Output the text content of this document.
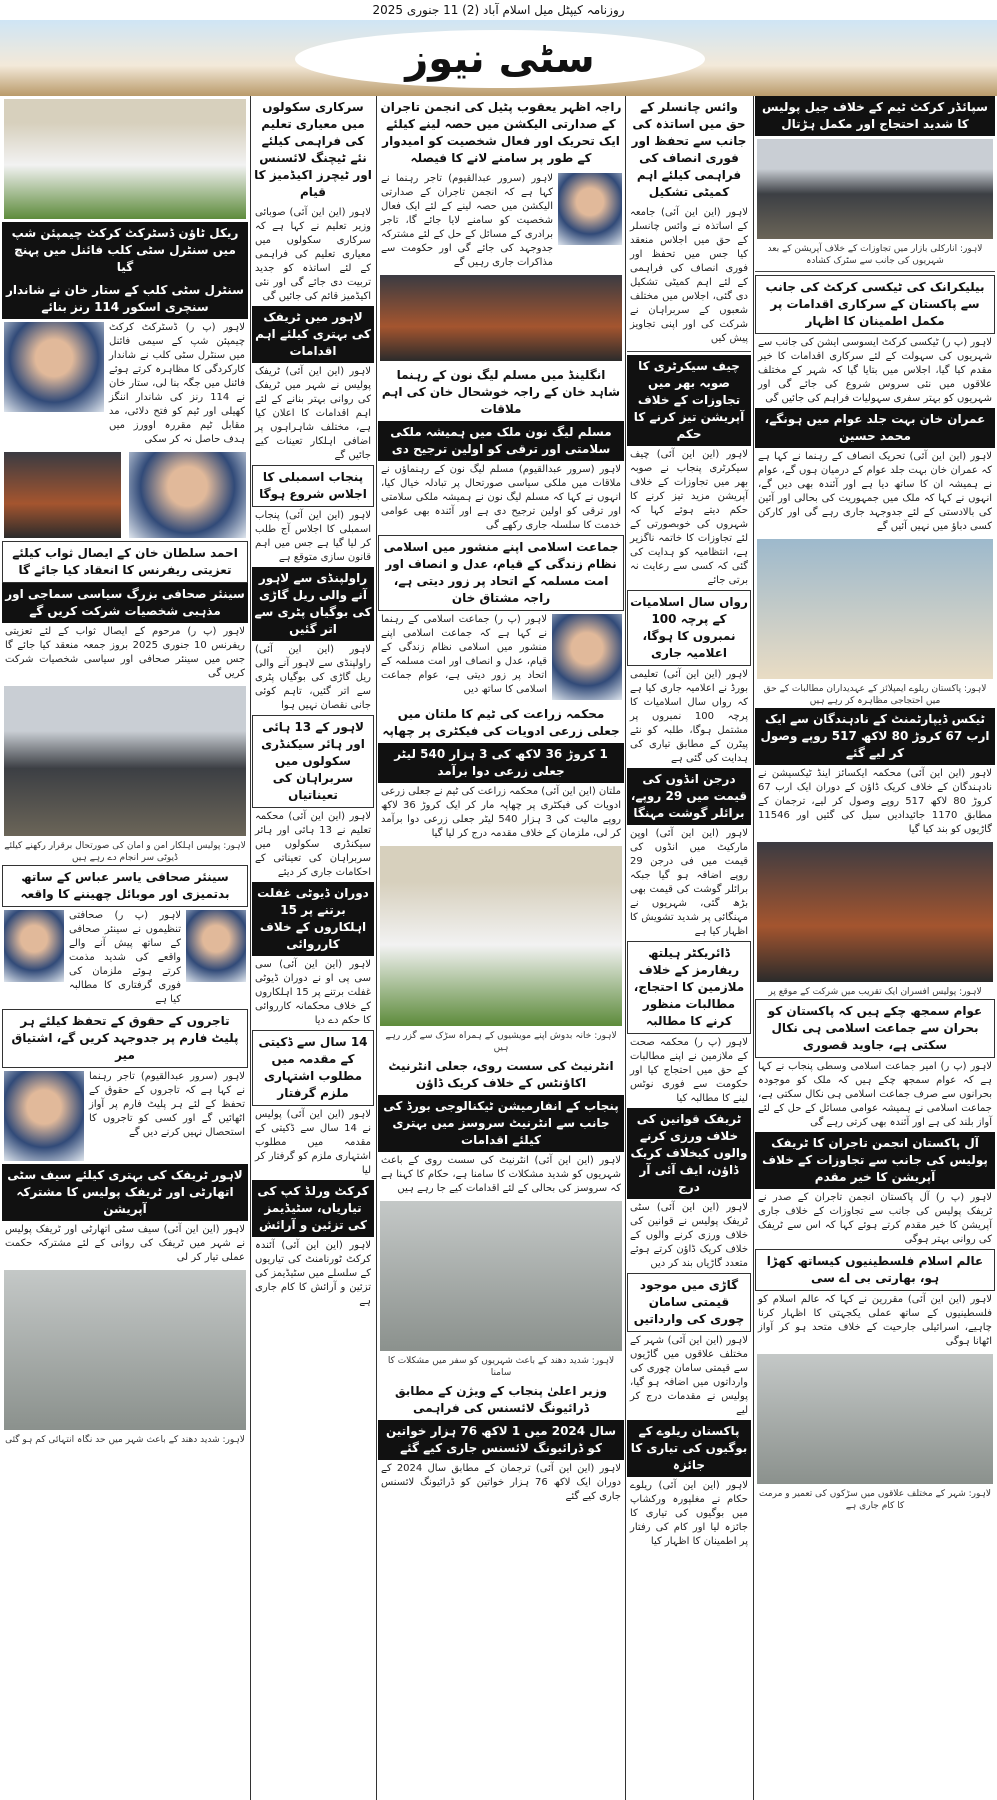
روزنامہ کیپٹل میل اسلام آباد (2) 11 جنوری 2025
سٹی نیوز
سپائڈر کرکٹ ٹیم کے خلاف جیل پولیس کا شدید احتجاج اور مکمل ہڑتال
لاہور: انارکلی بازار میں تجاوزات کے خلاف آپریشن کے بعد شہریوں کی جانب سے سٹرک کشادہ
بیلیکرانک کی ٹیکسی کرکٹ کی جانب سے پاکستان کے سرکاری اقدامات پر مکمل اطمینان کا اظہار
لاہور (پ ر) ٹیکسی کرکٹ ایسوسی ایشن کی جانب سے شہریوں کی سہولت کے لئے سرکاری اقدامات کا خیر مقدم کیا گیا، اجلاس میں بتایا گیا کہ شہر کے مختلف علاقوں میں نئی سروس شروع کی جائے گی اور شہریوں کو بہتر سفری سہولیات فراہم کی جائیں گی
عمران خان بہت جلد عوام میں ہونگے، محمد حسین
لاہور (این این آئی) تحریک انصاف کے رہنما نے کہا ہے کہ عمران خان بہت جلد عوام کے درمیان ہوں گے، عوام نے ہمیشہ ان کا ساتھ دیا ہے اور آئندہ بھی دیں گے، انہوں نے کہا کہ ملک میں جمہوریت کی بحالی اور آئین کی بالادستی کے لئے جدوجہد جاری رہے گی اور کارکن کسی دباؤ میں نہیں آئیں گے
لاہور: پاکستان ریلوے ایمپلائز کے عہدیداران مطالبات کے حق میں احتجاجی مظاہرہ کر رہے ہیں
ٹیکس ڈیپارٹمنٹ کے نادہندگان سے ایک ارب 67 کروڑ 80 لاکھ 517 روپے وصول کر لیے گئے
لاہور (این این آئی) محکمہ ایکسائز اینڈ ٹیکسیشن نے نادہندگان کے خلاف کریک ڈاؤن کے دوران ایک ارب 67 کروڑ 80 لاکھ 517 روپے وصول کر لیے، ترجمان کے مطابق 1170 جائیدادیں سیل کی گئیں اور 11546 گاڑیوں کو بند کیا گیا
لاہور: پولیس افسران ایک تقریب میں شرکت کے موقع پر
عوام سمجھ چکے ہیں کہ پاکستان کو بحران سے جماعت اسلامی ہی نکال سکتی ہے، جاوید قصوری
لاہور (پ ر) امیر جماعت اسلامی وسطی پنجاب نے کہا ہے کہ عوام سمجھ چکے ہیں کہ ملک کو موجودہ بحرانوں سے صرف جماعت اسلامی ہی نکال سکتی ہے، جماعت اسلامی نے ہمیشہ عوامی مسائل کے حل کے لئے آواز بلند کی ہے اور آئندہ بھی کرتی رہے گی
آل پاکستان انجمن تاجران کا ٹریفک پولیس کی جانب سے تجاوزات کے خلاف آپریشن کا خیر مقدم
لاہور (پ ر) آل پاکستان انجمن تاجران کے صدر نے ٹریفک پولیس کی جانب سے تجاوزات کے خلاف جاری آپریشن کا خیر مقدم کرتے ہوئے کہا کہ اس سے ٹریفک کی روانی بہتر ہوگی
عالم اسلام فلسطینیوں کیساتھ کھڑا ہو، بھارتی بی اے سی
لاہور (این این آئی) مقررین نے کہا کہ عالم اسلام کو فلسطینیوں کے ساتھ عملی یکجہتی کا اظہار کرنا چاہیے، اسرائیلی جارحیت کے خلاف متحد ہو کر آواز اٹھانا ہوگی
لاہور: شہر کے مختلف علاقوں میں سڑکوں کی تعمیر و مرمت کا کام جاری ہے
وائس چانسلر کے حق میں اساتذہ کی جانب سے تحفظ اور فوری انصاف کی فراہمی کیلئے اہم کمیٹی تشکیل
لاہور (این این آئی) جامعہ کے اساتذہ نے وائس چانسلر کے حق میں اجلاس منعقد کیا جس میں تحفظ اور فوری انصاف کی فراہمی کے لئے اہم کمیٹی تشکیل دی گئی، اجلاس میں مختلف شعبوں کے سربراہان نے شرکت کی اور اپنی تجاویز پیش کیں
چیف سیکرٹری کا صوبہ بھر میں تجاوزات کے خلاف آپریشن تیز کرنے کا حکم
لاہور (این این آئی) چیف سیکرٹری پنجاب نے صوبہ بھر میں تجاوزات کے خلاف آپریشن مزید تیز کرنے کا حکم دیتے ہوئے کہا کہ شہروں کی خوبصورتی کے لئے تجاوزات کا خاتمہ ناگزیر ہے، انتظامیہ کو ہدایت کی گئی کہ کسی سے رعایت نہ برتی جائے
رواں سال اسلامیات کے پرچہ 100 نمبروں کا ہوگا، اعلامیہ جاری
لاہور (این این آئی) تعلیمی بورڈ نے اعلامیہ جاری کیا ہے کہ رواں سال اسلامیات کا پرچہ 100 نمبروں پر مشتمل ہوگا، طلبہ کو نئے پیٹرن کے مطابق تیاری کی ہدایت کی گئی ہے
درجن انڈوں کی قیمت میں 29 روپے، برائلر گوشت مہنگا
لاہور (این این آئی) اوپن مارکیٹ میں انڈوں کی قیمت میں فی درجن 29 روپے اضافہ ہو گیا جبکہ برائلر گوشت کی قیمت بھی بڑھ گئی، شہریوں نے مہنگائی پر شدید تشویش کا اظہار کیا ہے
ڈائریکٹر ہیلتھ ریفارمز کے خلاف ملازمین کا احتجاج، مطالبات منظور کرنے کا مطالبہ
لاہور (پ ر) محکمہ صحت کے ملازمین نے اپنے مطالبات کے حق میں احتجاج کیا اور حکومت سے فوری نوٹس لینے کا مطالبہ کیا
ٹریفک قوانین کی خلاف ورزی کرنے والوں کیخلاف کریک ڈاؤن، ایف آئی آر درج
لاہور (این این آئی) سٹی ٹریفک پولیس نے قوانین کی خلاف ورزی کرنے والوں کے خلاف کریک ڈاؤن کرتے ہوئے متعدد گاڑیاں بند کر دیں
گاڑی میں موجود قیمتی سامان چوری کی وارداتیں
لاہور (این این آئی) شہر کے مختلف علاقوں میں گاڑیوں سے قیمتی سامان چوری کی وارداتوں میں اضافہ ہو گیا، پولیس نے مقدمات درج کر لیے
پاکستان ریلوے کے بوگیوں کی تیاری کا جائزہ
لاہور (این این آئی) ریلوے حکام نے مغلپورہ ورکشاپ میں بوگیوں کی تیاری کا جائزہ لیا اور کام کی رفتار پر اطمینان کا اظہار کیا
راجہ اظہر یعقوب پٹیل کی انجمن تاجران کے صدارتی الیکشن میں حصہ لینے کیلئے ایک تحریک اور فعال شخصیت کو امیدوار کے طور پر سامنے لانے کا فیصلہ
لاہور (سرور عبدالقیوم) تاجر رہنما نے کہا ہے کہ انجمن تاجران کے صدارتی الیکشن میں حصہ لینے کے لئے ایک فعال شخصیت کو سامنے لایا جائے گا، تاجر برادری کے مسائل کے حل کے لئے مشترکہ جدوجہد کی جائے گی اور حکومت سے مذاکرات جاری رہیں گے
انگلینڈ میں مسلم لیگ نون کے رہنما شاہد خان کے راجہ خوشحال خان کی اہم ملاقات
مسلم لیگ نون ملک میں ہمیشہ ملکی سلامتی اور ترقی کو اولین ترجیح دی
لاہور (سرور عبدالقیوم) مسلم لیگ نون کے رہنماؤں نے ملاقات میں ملکی سیاسی صورتحال پر تبادلہ خیال کیا، انہوں نے کہا کہ مسلم لیگ نون نے ہمیشہ ملکی سلامتی اور ترقی کو اولین ترجیح دی ہے اور آئندہ بھی عوامی خدمت کا سلسلہ جاری رکھے گی
جماعت اسلامی اپنے منشور میں اسلامی نظام زندگی کے قیام، عدل و انصاف اور امت مسلمہ کے اتحاد پر زور دیتی ہے، راجہ مشتاق خان
لاہور (پ ر) جماعت اسلامی کے رہنما نے کہا ہے کہ جماعت اسلامی اپنے منشور میں اسلامی نظام زندگی کے قیام، عدل و انصاف اور امت مسلمہ کے اتحاد پر زور دیتی ہے، عوام جماعت اسلامی کا ساتھ دیں
محکمہ زراعت کی ٹیم کا ملتان میں جعلی زرعی ادویات کی فیکٹری پر چھاپہ
1 کروڑ 36 لاکھ کی 3 ہزار 540 لیٹر جعلی زرعی دوا برآمد
ملتان (این این آئی) محکمہ زراعت کی ٹیم نے جعلی زرعی ادویات کی فیکٹری پر چھاپہ مار کر ایک کروڑ 36 لاکھ روپے مالیت کی 3 ہزار 540 لیٹر جعلی زرعی دوا برآمد کر لی، ملزمان کے خلاف مقدمہ درج کر لیا گیا
لاہور: خانہ بدوش اپنے مویشیوں کے ہمراہ سڑک سے گزر رہے ہیں
انٹرنیٹ کی سست روی، جعلی انٹرنیٹ اکاؤنٹس کے خلاف کریک ڈاؤن
پنجاب کے انفارمیشن ٹیکنالوجی بورڈ کی جانب سے انٹرنیٹ سروسز میں بہتری کیلئے اقدامات
لاہور (این این آئی) انٹرنیٹ کی سست روی کے باعث شہریوں کو شدید مشکلات کا سامنا ہے، حکام کا کہنا ہے کہ سروسز کی بحالی کے لئے اقدامات کیے جا رہے ہیں
لاہور: شدید دھند کے باعث شہریوں کو سفر میں مشکلات کا سامنا
وزیر اعلیٰ پنجاب کے ویژن کے مطابق ڈرائیونگ لائسنس کی فراہمی
سال 2024 میں 1 لاکھ 76 ہزار خواتین کو ڈرائیونگ لائسنس جاری کیے گئے
لاہور (این این آئی) ترجمان کے مطابق سال 2024 کے دوران ایک لاکھ 76 ہزار خواتین کو ڈرائیونگ لائسنس جاری کیے گئے
سرکاری سکولوں میں معیاری تعلیم کی فراہمی کیلئے نئے ٹیچنگ لائسنس اور ٹیچرز اکیڈمیز کا قیام
لاہور (این این آئی) صوبائی وزیر تعلیم نے کہا ہے کہ سرکاری سکولوں میں معیاری تعلیم کی فراہمی کے لئے اساتذہ کو جدید تربیت دی جائے گی اور نئی اکیڈمیز قائم کی جائیں گی
لاہور میں ٹریفک کی بہتری کیلئے اہم اقدامات
لاہور (این این آئی) ٹریفک پولیس نے شہر میں ٹریفک کی روانی بہتر بنانے کے لئے اہم اقدامات کا اعلان کیا ہے، مختلف شاہراہوں پر اضافی اہلکار تعینات کیے جائیں گے
پنجاب اسمبلی کا اجلاس شروع ہوگا
لاہور (این این آئی) پنجاب اسمبلی کا اجلاس آج طلب کر لیا گیا ہے جس میں اہم قانون سازی متوقع ہے
راولپنڈی سے لاہور آنے والی ریل گاڑی کی بوگیاں پٹری سے اتر گئیں
لاہور (این این آئی) راولپنڈی سے لاہور آنے والی ریل گاڑی کی بوگیاں پٹری سے اتر گئیں، تاہم کوئی جانی نقصان نہیں ہوا
لاہور کے 13 ہائی اور ہائر سیکنڈری سکولوں میں سربراہان کی تعیناتیاں
لاہور (این این آئی) محکمہ تعلیم نے 13 ہائی اور ہائر سیکنڈری سکولوں میں سربراہان کی تعیناتی کے احکامات جاری کر دیئے
دوران ڈیوٹی غفلت برتنے پر 15 اہلکاروں کے خلاف کارروائی
لاہور (این این آئی) سی سی پی او نے دوران ڈیوٹی غفلت برتنے پر 15 اہلکاروں کے خلاف محکمانہ کارروائی کا حکم دے دیا
14 سال سے ڈکیتی کے مقدمہ میں مطلوب اشتہاری ملزم گرفتار
لاہور (این این آئی) پولیس نے 14 سال سے ڈکیتی کے مقدمہ میں مطلوب اشتہاری ملزم کو گرفتار کر لیا
کرکٹ ورلڈ کپ کی تیاریاں، سٹیڈیمز کی تزئین و آرائش
لاہور (این این آئی) آئندہ کرکٹ ٹورنامنٹ کی تیاریوں کے سلسلے میں سٹیڈیمز کی تزئین و آرائش کا کام جاری ہے
ریکل ٹاؤن ڈسٹرکٹ کرکٹ چیمپئن شپ میں سنٹرل سٹی کلب فائنل میں پہنچ گیا
سنٹرل سٹی کلب کے ستار خان نے شاندار سنچری اسکور 114 رنز بنائے
لاہور (پ ر) ڈسٹرکٹ کرکٹ چیمپئن شپ کے سیمی فائنل میں سنٹرل سٹی کلب نے شاندار کارکردگی کا مظاہرہ کرتے ہوئے فائنل میں جگہ بنا لی، ستار خان نے 114 رنز کی شاندار اننگز کھیلی اور ٹیم کو فتح دلائی، مد مقابل ٹیم مقررہ اوورز میں ہدف حاصل نہ کر سکی
احمد سلطان خان کے ایصال ثواب کیلئے تعزیتی ریفرنس کا انعقاد کیا جائے گا
سینئر صحافی بزرگ سیاسی سماجی اور مذہبی شخصیات شرکت کریں گے
لاہور (پ ر) مرحوم کے ایصال ثواب کے لئے تعزیتی ریفرنس 10 جنوری 2025 بروز جمعہ منعقد کیا جائے گا جس میں سینئر صحافی اور سیاسی شخصیات شرکت کریں گی
لاہور: پولیس اہلکار امن و امان کی صورتحال برقرار رکھنے کیلئے ڈیوٹی سر انجام دے رہے ہیں
سینئر صحافی یاسر عباس کے ساتھ بدتمیزی اور موبائل چھیننے کا واقعہ
لاہور (پ ر) صحافتی تنظیموں نے سینئر صحافی کے ساتھ پیش آنے والے واقعے کی شدید مذمت کرتے ہوئے ملزمان کی فوری گرفتاری کا مطالبہ کیا ہے
تاجروں کے حقوق کے تحفظ کیلئے ہر پلیٹ فارم پر جدوجہد کریں گے، اشتیاق میر
لاہور (سرور عبدالقیوم) تاجر رہنما نے کہا ہے کہ تاجروں کے حقوق کے تحفظ کے لئے ہر پلیٹ فارم پر آواز اٹھائیں گے اور کسی کو تاجروں کا استحصال نہیں کرنے دیں گے
لاہور ٹریفک کی بہتری کیلئے سیف سٹی اتھارٹی اور ٹریفک پولیس کا مشترکہ آپریشن
لاہور (این این آئی) سیف سٹی اتھارٹی اور ٹریفک پولیس نے شہر میں ٹریفک کی روانی کے لئے مشترکہ حکمت عملی تیار کر لی
لاہور: شدید دھند کے باعث شہر میں حد نگاہ انتہائی کم ہو گئی
